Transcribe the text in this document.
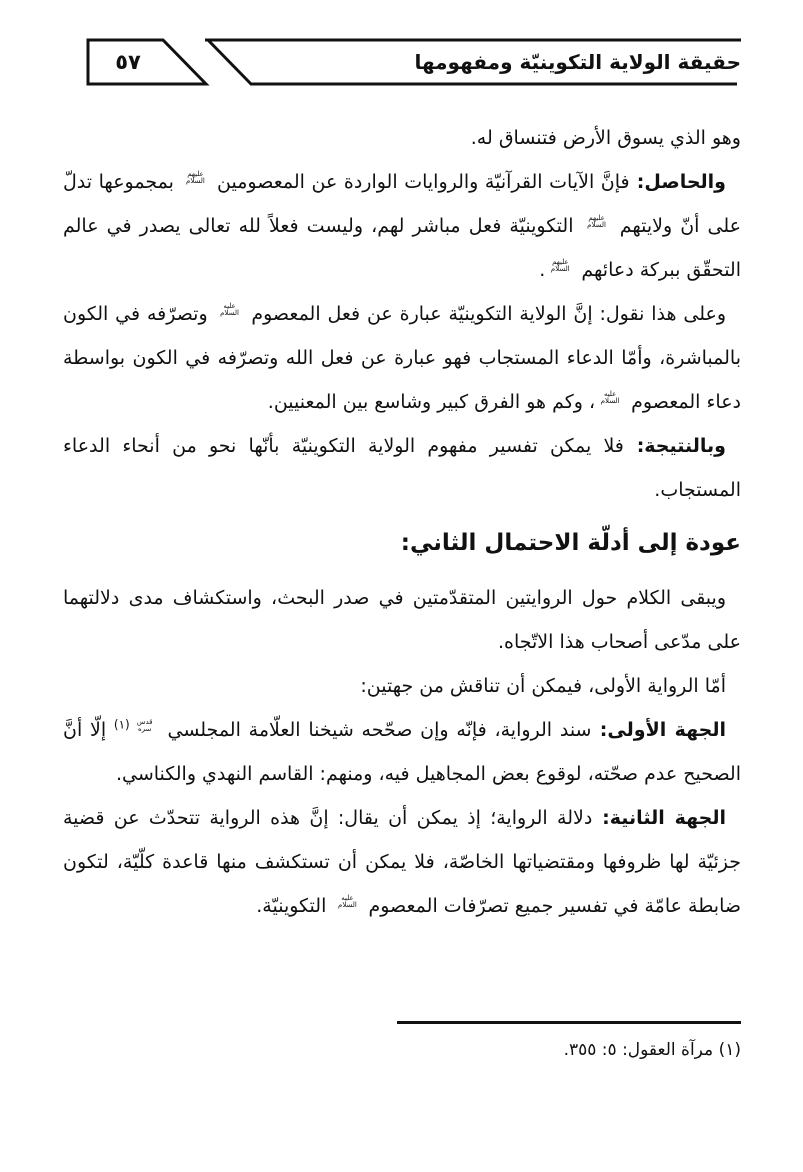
٥٧	حقيقة الولاية التكوينيّة ومفهومها

وهو الذي يسوق الأرض فتنساق له.

والحاصل: فإنَّ الآيات القرآنيّة والروايات الواردة عن المعصومين عليهم السلام بمجموعها تدلّ على أنّ ولايتهم عليهم السلام التكوينيّة فعل مباشر لهم، وليست فعلاً لله تعالى يصدر في عالم التحقّق ببركة دعائهم عليهم السلام.

وعلى هذا نقول: إنَّ الولاية التكوينيّة عبارة عن فعل المعصوم عليه السلام وتصرّفه في الكون بالمباشرة، وأمّا الدعاء المستجاب فهو عبارة عن فعل الله وتصرّفه في الكون بواسطة دعاء المعصوم عليه السلام، وكم هو الفرق كبير وشاسع بين المعنيين.

وبالنتيجة: فلا يمكن تفسير مفهوم الولاية التكوينيّة بأنّها نحو من أنحاء الدعاء المستجاب.

عودة إلى أدلّة الاحتمال الثاني:

ويبقى الكلام حول الروايتين المتقدّمتين في صدر البحث، واستكشاف مدى دلالتهما على مدّعى أصحاب هذا الاتّجاه.

أمّا الرواية الأولى، فيمكن أن تناقش من جهتين:

الجهة الأولى: سند الرواية، فإنّه وإن صحّحه شيخنا العلّامة المجلسي قدس سره$^{(١)}$ إلّا أنَّ الصحيح عدم صحّته، لوقوع بعض المجاهيل فيه، ومنهم: القاسم النهدي والكناسي.

الجهة الثانية: دلالة الرواية؛ إذ يمكن أن يقال: إنَّ هذه الرواية تتحدّث عن قضية جزئيّة لها ظروفها ومقتضياتها الخاصّة، فلا يمكن أن تستكشف منها قاعدة كلّيّة، لتكون ضابطة عامّة في تفسير جميع تصرّفات المعصوم عليه السلام التكوينيّة.

(١) مرآة العقول: ٥: ٣٥٥.
